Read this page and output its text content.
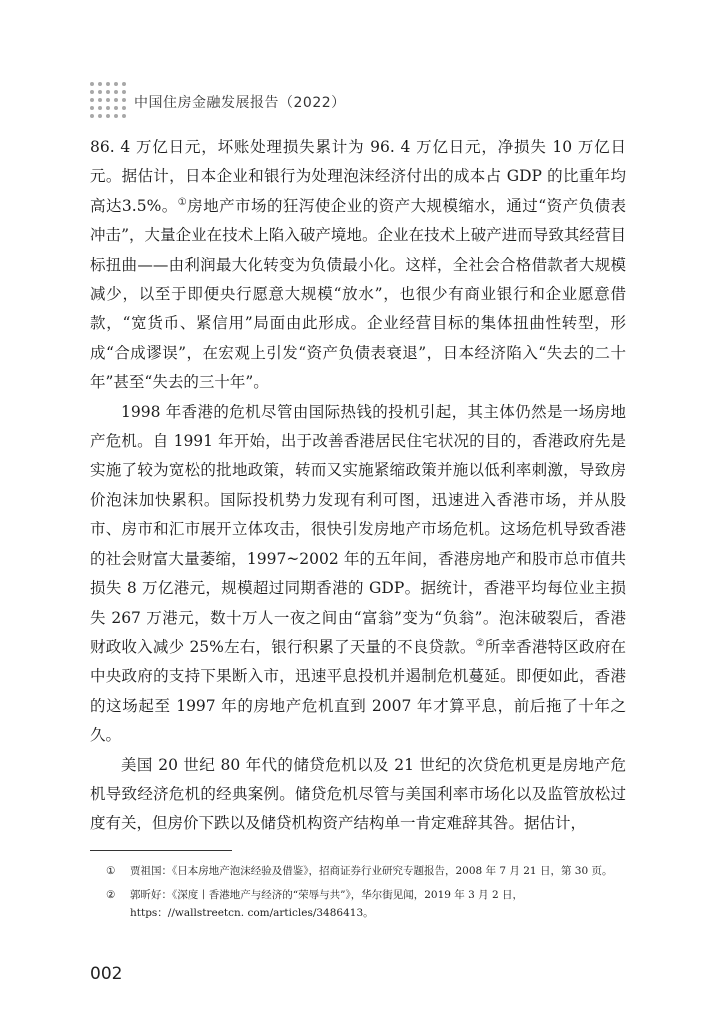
中国住房金融发展报告（2022）

86. 4 万亿日元，坏账处理损失累计为 96. 4 万亿日元，净损失 10 万亿日元。据估计，日本企业和银行为处理泡沫经济付出的成本占 GDP 的比重年均高达3.5%。①房地产市场的狂泻使企业的资产大规模缩水，通过“资产负债表冲击”，大量企业在技术上陷入破产境地。企业在技术上破产进而导致其经营目标扭曲——由利润最大化转变为负债最小化。这样，全社会合格借款者大规模减少，以至于即便央行愿意大规模“放水”，也很少有商业银行和企业愿意借款，“宽货币、紧信用”局面由此形成。企业经营目标的集体扭曲性转型，形成“合成谬误”，在宏观上引发“资产负债表衰退”，日本经济陷入“失去的二十年”甚至“失去的三十年”。

1998 年香港的危机尽管由国际热钱的投机引起，其主体仍然是一场房地产危机。自 1991 年开始，出于改善香港居民住宅状况的目的，香港政府先是实施了较为宽松的批地政策，转而又实施紧缩政策并施以低利率刺激，导致房价泡沫加快累积。国际投机势力发现有利可图，迅速进入香港市场，并从股市、房市和汇市展开立体攻击，很快引发房地产市场危机。这场危机导致香港的社会财富大量萎缩，1997~2002 年的五年间，香港房地产和股市总市值共损失 8 万亿港元，规模超过同期香港的 GDP。据统计，香港平均每位业主损失 267 万港元，数十万人一夜之间由“富翁”变为“负翁”。泡沫破裂后，香港财政收入减少 25%左右，银行积累了天量的不良贷款。②所幸香港特区政府在中央政府的支持下果断入市，迅速平息投机并遏制危机蔓延。即便如此，香港的这场起至 1997 年的房地产危机直到 2007 年才算平息，前后拖了十年之久。

美国 20 世纪 80 年代的储贷危机以及 21 世纪的次贷危机更是房地产危机导致经济危机的经典案例。储贷危机尽管与美国利率市场化以及监管放松过度有关，但房价下跌以及储贷机构资产结构单一肯定难辞其咎。据估计，

①	贾祖国：《日本房地产泡沫经验及借鉴》，招商证券行业研究专题报告，2008 年 7 月 21 日，第 30 页。
②	郭昕好：《深度丨香港地产与经济的“荣辱与共”》，华尔街见闻，2019 年 3 月 2 日，https：//wallstreetcn. com/articles/3486413。
002
